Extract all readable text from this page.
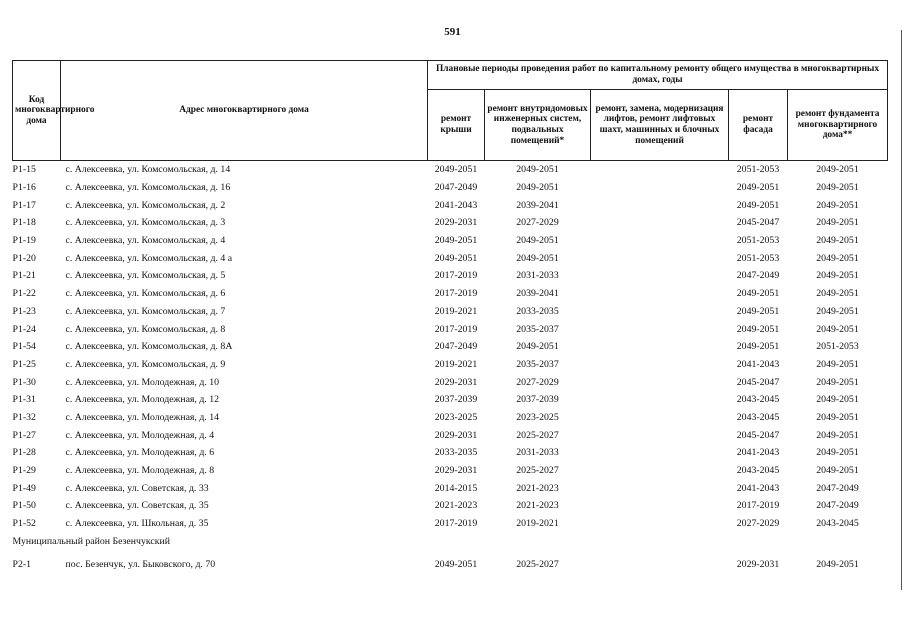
591
Код многоквартирного дома	Адрес многоквартирного дома	Плановые периоды проведения работ по капитальному ремонту общего имущества в многоквартирных домах, годы				
		ремонт крыши	ремонт внутридомовых инженерных систем, подвальных помещений*	ремонт, замена, модернизация лифтов, ремонт лифтовых шахт, машинных и блочных помещений	ремонт фасада	ремонт фундамента многоквартирного дома**
Р1-15	с. Алексеевка, ул. Комсомольская, д. 14	2049-2051	2049-2051		2051-2053	2049-2051
Р1-16	с. Алексеевка, ул. Комсомольская, д. 16	2047-2049	2049-2051		2049-2051	2049-2051
Р1-17	с. Алексеевка, ул. Комсомольская, д. 2	2041-2043	2039-2041		2049-2051	2049-2051
Р1-18	с. Алексеевка, ул. Комсомольская, д. 3	2029-2031	2027-2029		2045-2047	2049-2051
Р1-19	с. Алексеевка, ул. Комсомольская, д. 4	2049-2051	2049-2051		2051-2053	2049-2051
Р1-20	с. Алексеевка, ул. Комсомольская, д. 4 а	2049-2051	2049-2051		2051-2053	2049-2051
Р1-21	с. Алексеевка, ул. Комсомольская, д. 5	2017-2019	2031-2033		2047-2049	2049-2051
Р1-22	с. Алексеевка, ул. Комсомольская, д. 6	2017-2019	2039-2041		2049-2051	2049-2051
Р1-23	с. Алексеевка, ул. Комсомольская, д. 7	2019-2021	2033-2035		2049-2051	2049-2051
Р1-24	с. Алексеевка, ул. Комсомольская, д. 8	2017-2019	2035-2037		2049-2051	2049-2051
Р1-54	с. Алексеевка, ул. Комсомольская, д. 8А	2047-2049	2049-2051		2049-2051	2051-2053
Р1-25	с. Алексеевка, ул. Комсомольская, д. 9	2019-2021	2035-2037		2041-2043	2049-2051
Р1-30	с. Алексеевка, ул. Молодежная, д. 10	2029-2031	2027-2029		2045-2047	2049-2051
Р1-31	с. Алексеевка, ул. Молодежная, д. 12	2037-2039	2037-2039		2043-2045	2049-2051
Р1-32	с. Алексеевка, ул. Молодежная, д. 14	2023-2025	2023-2025		2043-2045	2049-2051
Р1-27	с. Алексеевка, ул. Молодежная, д. 4	2029-2031	2025-2027		2045-2047	2049-2051
Р1-28	с. Алексеевка, ул. Молодежная, д. 6	2033-2035	2031-2033		2041-2043	2049-2051
Р1-29	с. Алексеевка, ул. Молодежная, д. 8	2029-2031	2025-2027		2043-2045	2049-2051
Р1-49	с. Алексеевка, ул. Советская, д. 33	2014-2015	2021-2023		2041-2043	2047-2049
Р1-50	с. Алексеевка, ул. Советская, д. 35	2021-2023	2021-2023		2017-2019	2047-2049
Р1-52	с. Алексеевка, ул. Школьная, д. 35	2017-2019	2019-2021		2027-2029	2043-2045
Муниципальный район Безенчукский						

Р2-1	пос. Безенчук, ул. Быковского, д. 70	2049-2051	2025-2027		2029-2031	2049-2051
